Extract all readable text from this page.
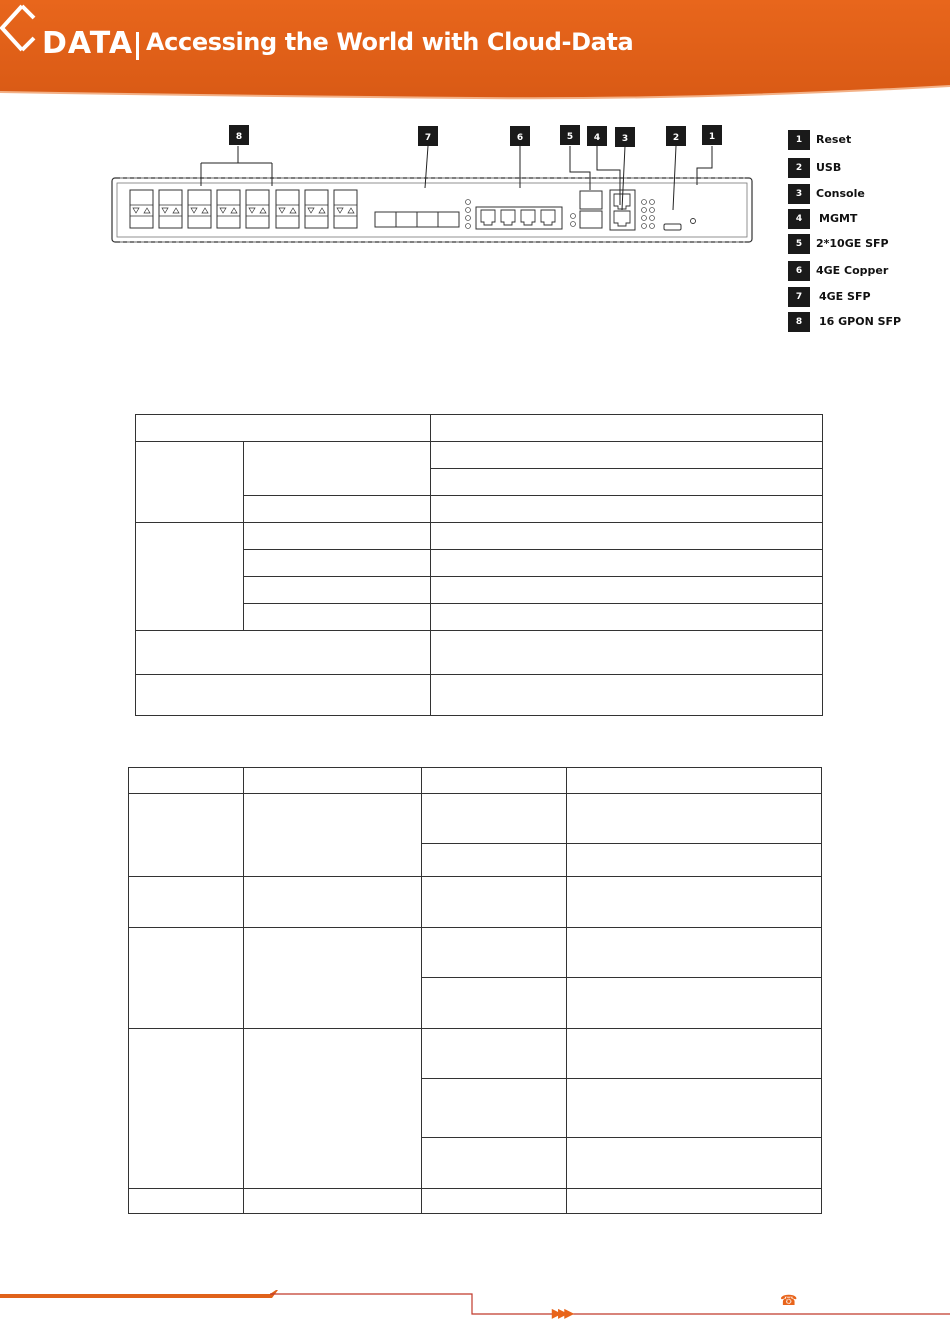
DATA Accessing the World with Cloud-Data
8	7	6	5 4 3	2	1	1	Reset
2	USB
3	Console
4	MGMT
5	2*10GE SFP
6	4GE Copper
7	4GE SFP
8	16 GPON SFP

▶▶▶
☎
